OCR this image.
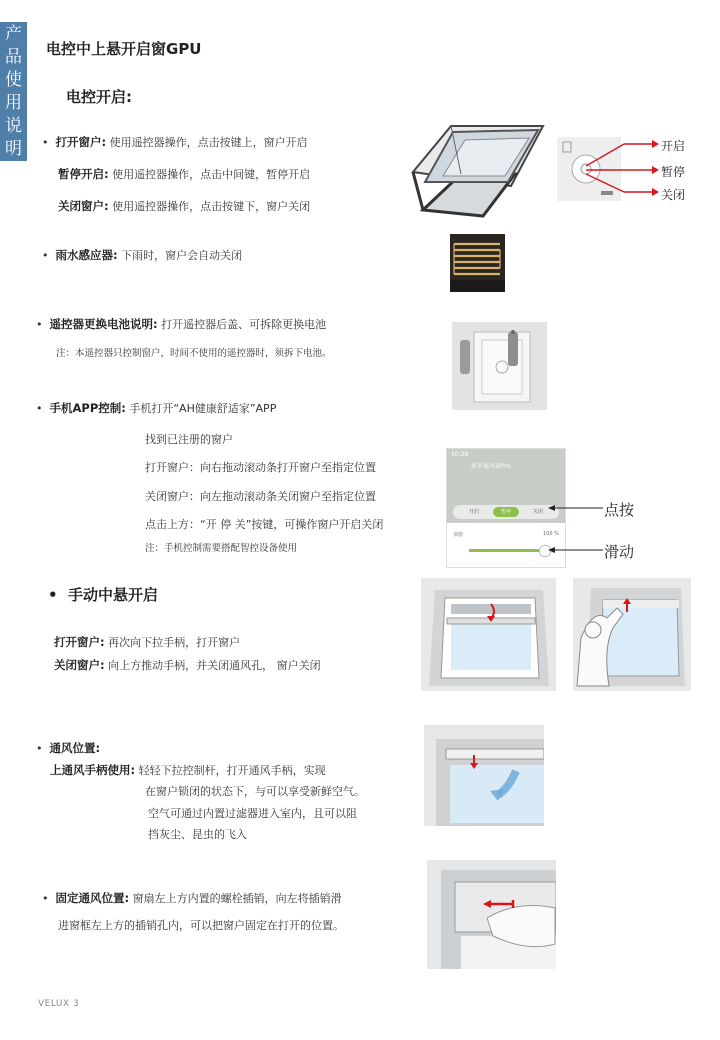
产
品
使
用
说
明
电控中上悬开启窗GPU
电控开启:
•  打开窗户: 使用遥控器操作，点击按键上，窗户开启
暂停开启: 使用遥控器操作，点击中间键，暂停开启
关闭窗户: 使用遥控器操作，点击按键下，窗户关闭
开启
暂停
关闭
•  雨水感应器: 下雨时，窗户会自动关闭
•  遥控器更换电池说明: 打开遥控器后盖、可拆除更换电池
注：本遥控器只控制窗户，时间不使用的遥控器时，须拆下电池。
•  手机APP控制: 手机打开“AH健康舒适家”APP
找到已注册的窗户
打开窗户：向右拖动滚动条打开窗户至指定位置
关闭窗户：向左拖动滚动条关闭窗户至指定位置
点击上方：“开 停 关”按键，可操作窗户开启关闭
注：手机控制需要搭配智控设备使用
10:28
新世通风窗Pro
开启	暂停	关闭
顶窗	100 %
点按
滑动
•  手动中悬开启
打开窗户: 再次向下拉手柄，打开窗户
关闭窗户: 向上方推动手柄，并关闭通风孔， 窗户关闭
•  通风位置:
上通风手柄使用: 轻轻下拉控制杆，打开通风手柄，实现
在窗户锁闭的状态下，与可以享受新鲜空气。
空气可通过内置过滤器进入室内，且可以阻
挡灰尘、昆虫的飞入
•  固定通风位置: 窗扇左上方内置的螺栓插销，向左将插销滑
进窗框左上方的插销孔内，可以把窗户固定在打开的位置。
VELUX 3
